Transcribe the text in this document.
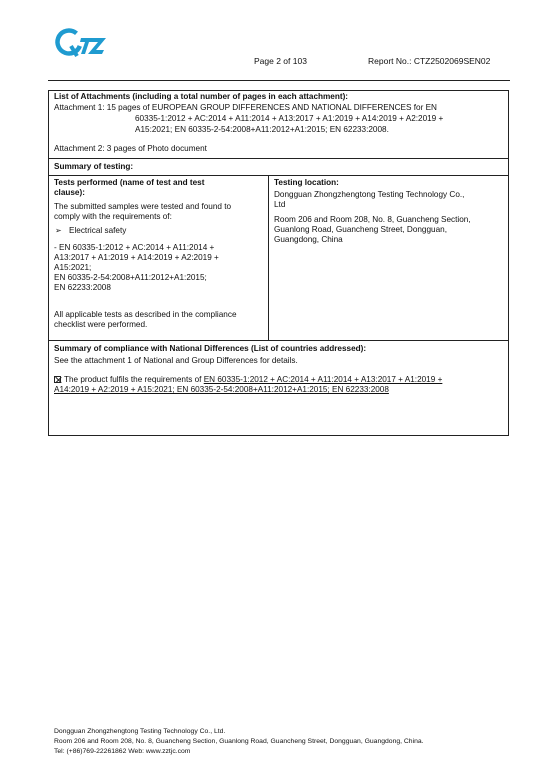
Page 2 of 103	Report No.: CTZ2502069SEN02
List of Attachments (including a total number of pages in each attachment):
Attachment 1: 15 pages of EUROPEAN GROUP DIFFERENCES AND NATIONAL DIFFERENCES for EN
60335-1:2012 + AC:2014 + A11:2014 + A13:2017 + A1:2019 + A14:2019 + A2:2019 +
A15:2021; EN 60335-2-54:2008+A11:2012+A1:2015; EN 62233:2008.
Attachment 2: 3 pages of Photo document
Summary of testing:
Tests performed (name of test and test
clause):
The submitted samples were tested and found to
comply with the requirements of:
➢ Electrical safety
- EN 60335-1:2012 + AC:2014 + A11:2014 +
A13:2017 + A1:2019 + A14:2019 + A2:2019 +
A15:2021;
EN 60335-2-54:2008+A11:2012+A1:2015;
EN 62233:2008
All applicable tests as described in the compliance
checklist were performed.
Testing location:
Dongguan Zhongzhengtong Testing Technology Co.,
Ltd
Room 206 and Room 208, No. 8, Guancheng Section,
Guanlong Road, Guancheng Street, Dongguan,
Guangdong, China
Summary of compliance with National Differences (List of countries addressed):
See the attachment 1 of National and Group Differences for details.
The product fulfils the requirements of EN 60335-1:2012 + AC:2014 + A11:2014 + A13:2017 + A1:2019 +
A14:2019 + A2:2019 + A15:2021; EN 60335-2-54:2008+A11:2012+A1:2015; EN 62233:2008
Dongguan Zhongzhengtong Testing Technology Co., Ltd.
Room 206 and Room 208, No. 8, Guancheng Section, Guanlong Road, Guancheng Street, Dongguan, Guangdong, China.
Tel: (+86)769-22261862 Web: www.zztjc.com
